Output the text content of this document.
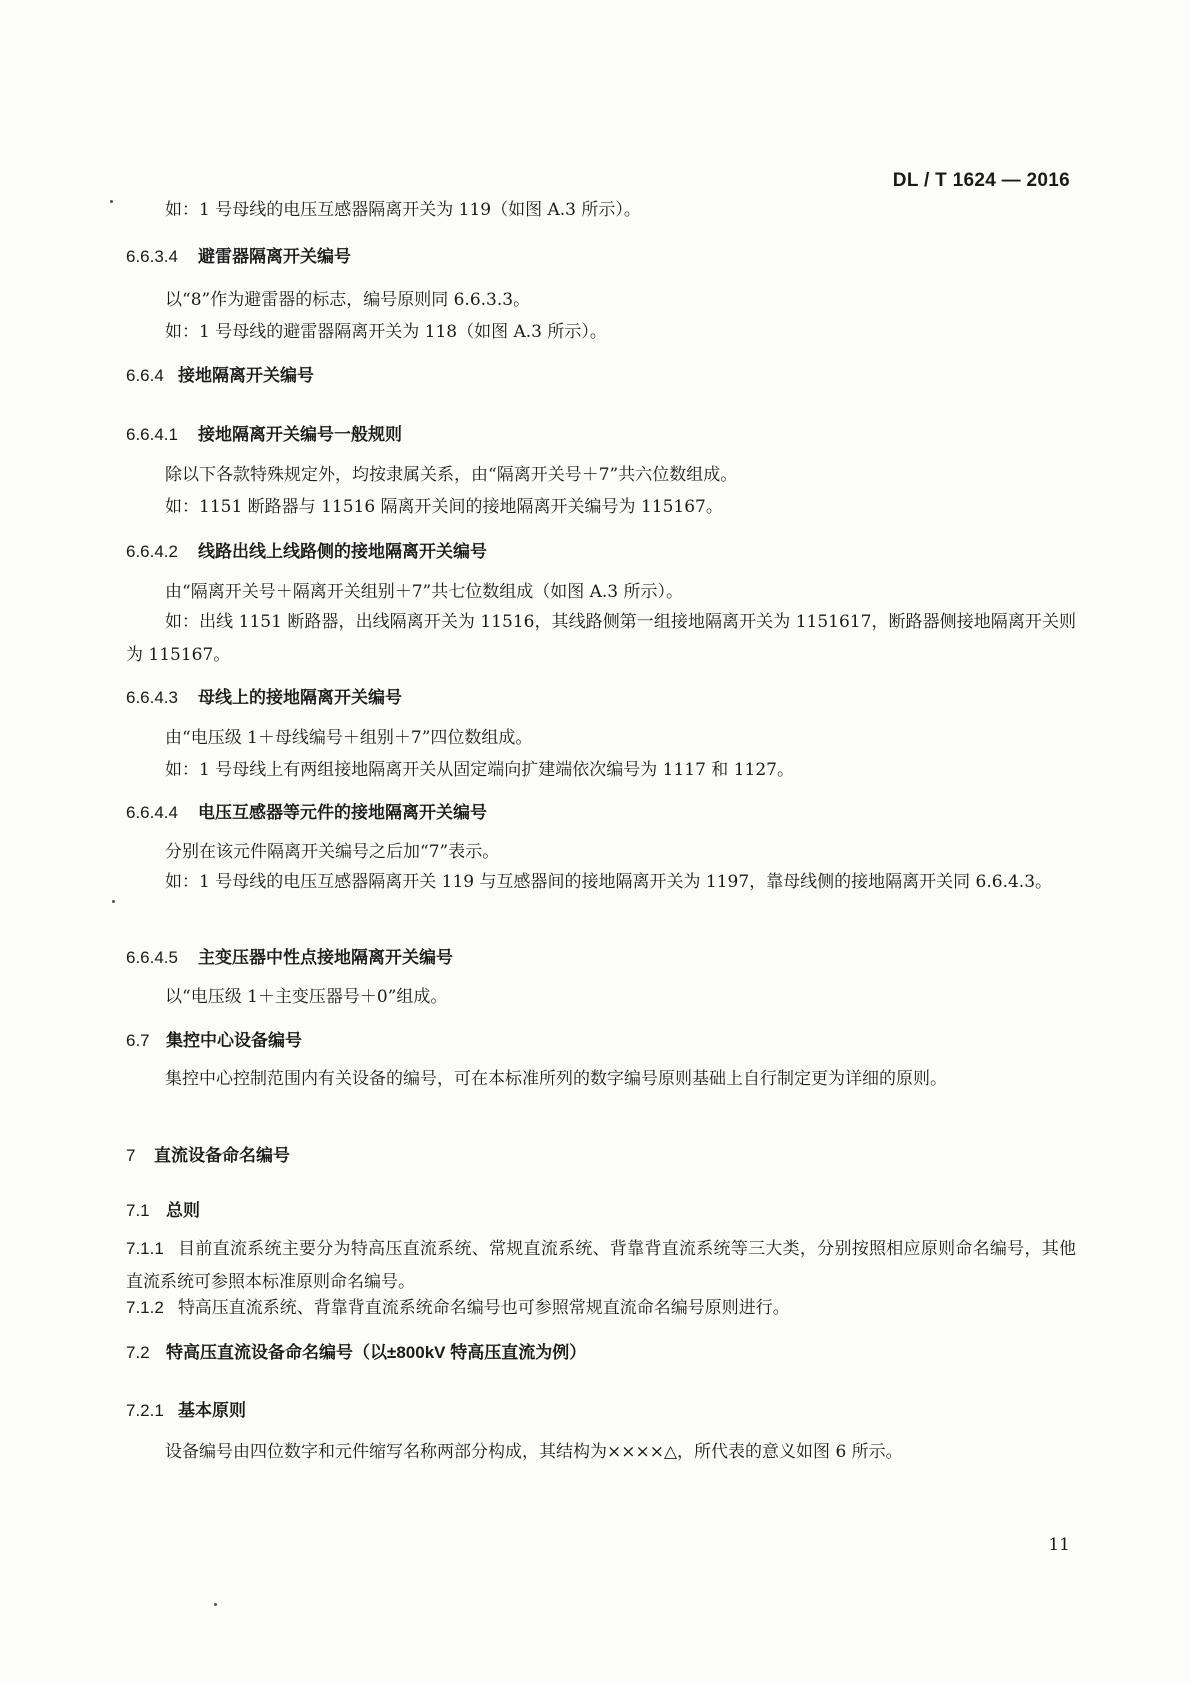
DL / T 1624 — 2016
如：1 号母线的电压互感器隔离开关为 119（如图 A.3 所示）。
6.6.3.4 避雷器隔离开关编号
以“8”作为避雷器的标志，编号原则同 6.6.3.3。
如：1 号母线的避雷器隔离开关为 118（如图 A.3 所示）。
6.6.4 接地隔离开关编号
6.6.4.1 接地隔离开关编号一般规则
除以下各款特殊规定外，均按隶属关系，由“隔离开关号＋7”共六位数组成。
如：1151 断路器与 11516 隔离开关间的接地隔离开关编号为 115167。
6.6.4.2 线路出线上线路侧的接地隔离开关编号
由“隔离开关号＋隔离开关组别＋7”共七位数组成（如图 A.3 所示）。
如：出线 1151 断路器，出线隔离开关为 11516，其线路侧第一组接地隔离开关为 1151617，断路器侧接地隔离开关则为 115167。
6.6.4.3 母线上的接地隔离开关编号
由“电压级 1＋母线编号＋组别＋7”四位数组成。
如：1 号母线上有两组接地隔离开关从固定端向扩建端依次编号为 1117 和 1127。
6.6.4.4 电压互感器等元件的接地隔离开关编号
分别在该元件隔离开关编号之后加“7”表示。
如：1 号母线的电压互感器隔离开关 119 与互感器间的接地隔离开关为 1197，靠母线侧的接地隔离开关同 6.6.4.3。
6.6.4.5 主变压器中性点接地隔离开关编号
以“电压级 1＋主变压器号＋0”组成。
6.7 集控中心设备编号
集控中心控制范围内有关设备的编号，可在本标准所列的数字编号原则基础上自行制定更为详细的原则。
7 直流设备命名编号
7.1 总则
7.1.1 目前直流系统主要分为特高压直流系统、常规直流系统、背靠背直流系统等三大类，分别按照相应原则命名编号，其他直流系统可参照本标准原则命名编号。
7.1.2 特高压直流系统、背靠背直流系统命名编号也可参照常规直流命名编号原则进行。
7.2 特高压直流设备命名编号（以±800kV 特高压直流为例）
7.2.1 基本原则
设备编号由四位数字和元件缩写名称两部分构成，其结构为××××△，所代表的意义如图 6 所示。
11
